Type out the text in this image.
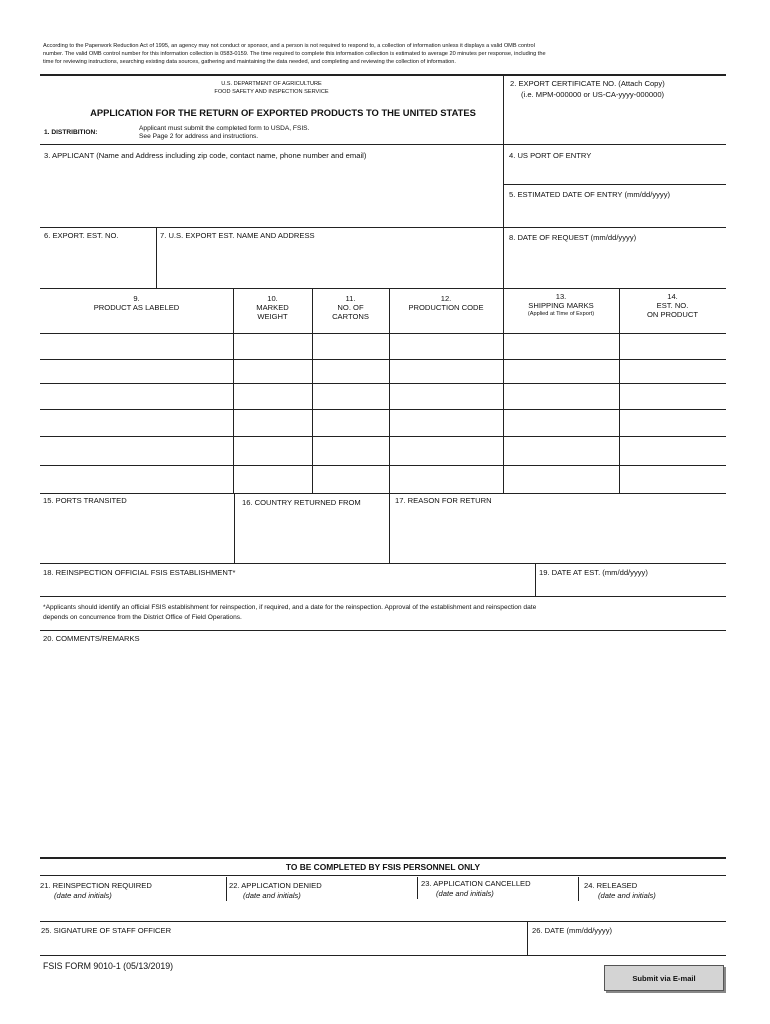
According to the Paperwork Reduction Act of 1995, an agency may not conduct or sponsor, and a person is not required to respond to, a collection of information unless it displays a valid OMB control
number. The valid OMB control number for this information collection is 0583-0159. The time required to complete this information collection is estimated to average 20 minutes per response, including the
time for reviewing instructions, searching existing data sources, gathering and maintaining the data needed, and completing and reviewing the collection of information.
U.S. DEPARTMENT OF AGRICULTURE
FOOD SAFETY AND INSPECTION SERVICE
APPLICATION FOR THE RETURN OF EXPORTED PRODUCTS TO THE UNITED STATES
1. DISTRIBITION:
Applicant must submit the completed form to USDA, FSIS.
See Page 2 for address and instructions.
2. EXPORT CERTIFICATE NO. (Attach Copy)
(i.e. MPM-000000 or US-CA-yyyy-000000)
3. APPLICANT (Name and Address including zip code, contact name, phone number and email)	4. US PORT OF ENTRY
5. ESTIMATED DATE OF ENTRY (mm/dd/yyyy)
6. EXPORT. EST. NO.	7. U.S. EXPORT EST. NAME AND ADDRESS	8. DATE OF REQUEST (mm/dd/yyyy)
9.
PRODUCT AS LABELED
10.
MARKED
WEIGHT
11.
NO. OF
CARTONS
12.
PRODUCTION CODE
13.
SHIPPING MARKS
(Applied at Time of Export)
14.
EST. NO.
ON PRODUCT
15. PORTS TRANSITED	16. COUNTRY RETURNED FROM	17. REASON FOR RETURN
18. REINSPECTION OFFICIAL FSIS ESTABLISHMENT*	19. DATE AT EST. (mm/dd/yyyy)
*Applicants should identify an official FSIS establishment for reinspection, if required, and a date for the reinspection. Approval of the establishment and reinspection date
depends on concurrence from the District Office of Field Operations.
20. COMMENTS/REMARKS
TO BE COMPLETED BY FSIS PERSONNEL ONLY
21. REINSPECTION REQUIRED
(date and initials)
22. APPLICATION DENIED
(date and initials)
23. APPLICATION CANCELLED
(date and initials)
24. RELEASED
(date and initials)
25. SIGNATURE OF STAFF OFFICER	26. DATE (mm/dd/yyyy)
FSIS FORM 9010-1 (05/13/2019)
Submit via E-mail
